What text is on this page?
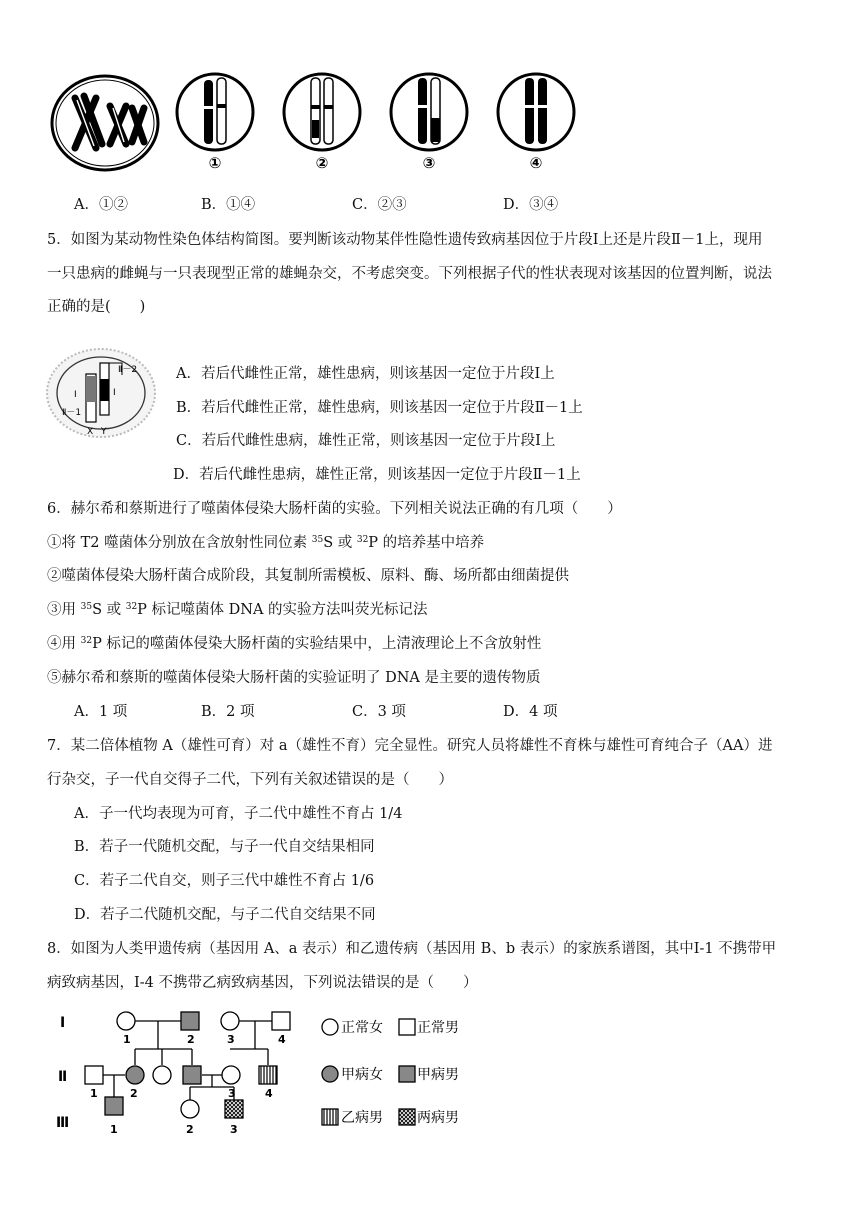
①	②	③	④
A．①②	B．①④	C．②③	D．③④
5．如图为某动物性染色体结构简图。要判断该动物某伴性隐性遗传致病基因位于片段Ⅰ上还是片段Ⅱ－1上，现用
一只患病的雌蝇与一只表现型正常的雄蝇杂交，不考虑突变。下列根据子代的性状表现对该基因的位置判断，说法
正确的是(　　)
Ⅱ－2
Ⅰ	Ⅰ
Ⅱ－1
X Y
A．若后代雌性正常，雄性患病，则该基因一定位于片段Ⅰ上
B．若后代雌性正常，雄性患病，则该基因一定位于片段Ⅱ－1上
C．若后代雌性患病，雄性正常，则该基因一定位于片段Ⅰ上
D．若后代雌性患病，雄性正常，则该基因一定位于片段Ⅱ－1上
6．赫尔希和蔡斯进行了噬菌体侵染大肠杆菌的实验。下列相关说法正确的有几项（　　）
①将 T2 噬菌体分别放在含放射性同位素 $^{35}$S 或 $^{32}$P 的培养基中培养
②噬菌体侵染大肠杆菌合成阶段，其复制所需模板、原料、酶、场所都由细菌提供
③用 $^{35}$S 或 $^{32}$P 标记噬菌体 DNA 的实验方法叫荧光标记法
④用 $^{32}$P 标记的噬菌体侵染大肠杆菌的实验结果中，上清液理论上不含放射性
⑤赫尔希和蔡斯的噬菌体侵染大肠杆菌的实验证明了 DNA 是主要的遗传物质
A．1 项	B．2 项	C．3 项	D．4 项
7．某二倍体植物 A（雄性可育）对 a（雄性不育）完全显性。研究人员将雄性不育株与雄性可育纯合子（AA）进
行杂交，子一代自交得子二代，下列有关叙述错误的是（　　）
A．子一代均表现为可育，子二代中雄性不育占 1/4
B．若子一代随机交配，与子一代自交结果相同
C．若子二代自交，则子三代中雄性不育占 1/6
D．若子二代随机交配，与子二代自交结果不同
8．如图为人类甲遗传病（基因用 A、a 表示）和乙遗传病（基因用 B、b 表示）的家族系谱图，其中Ⅰ-1 不携带甲
病致病基因，Ⅰ-4 不携带乙病致病基因，下列说法错误的是（　　）
Ⅰ
Ⅱ
Ⅲ
1	2	3	4
1	2	3	4
1	2	3
正常女 正常男
甲病女 甲病男
乙病男 两病男
